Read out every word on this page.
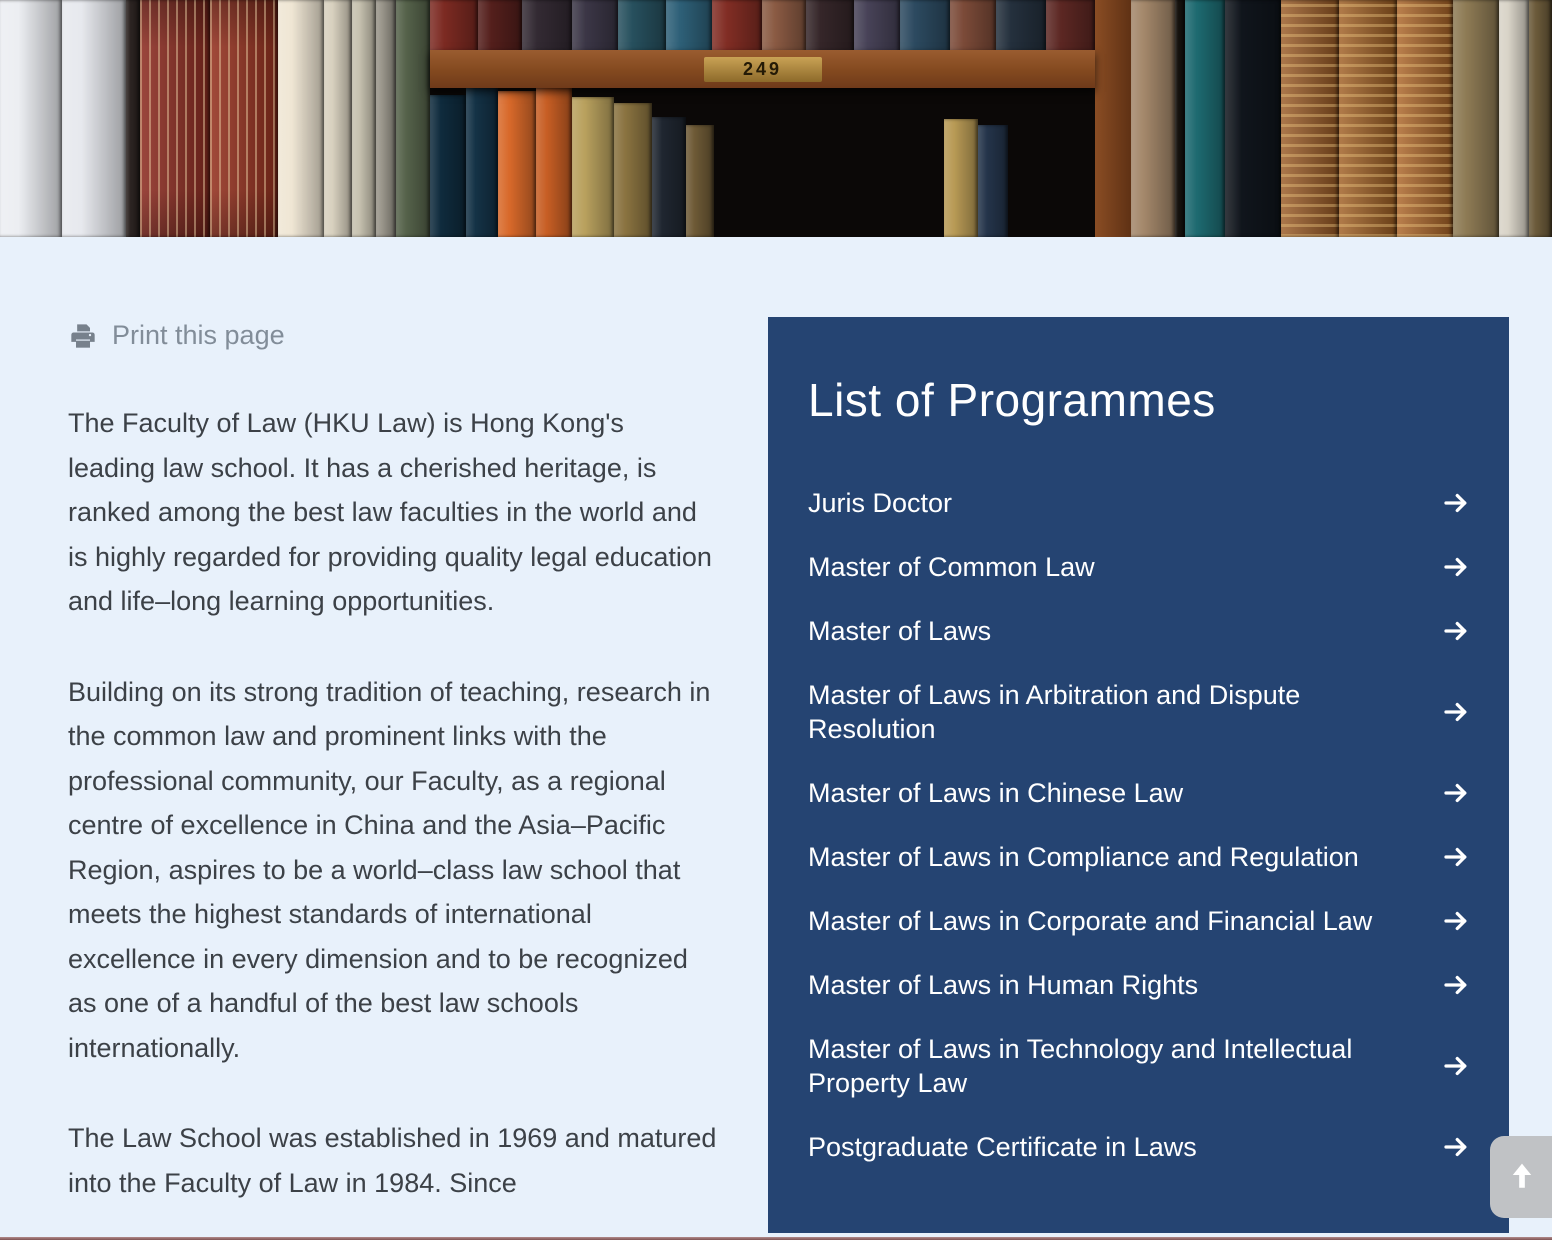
249
Print this page

The Faculty of Law (HKU Law) is Hong Kong's leading law school. It has a cherished heritage, is ranked among the best law faculties in the world and is highly regarded for providing quality legal education and life–long learning opportunities.

Building on its strong tradition of teaching, research in the common law and prominent links with the professional community, our Faculty, as a regional centre of excellence in China and the Asia–Pacific Region, aspires to be a world–class law school that meets the highest standards of international excellence in every dimension and to be recognized as one of a handful of the best law schools internationally.

The Law School was established in 1969 and matured into the Faculty of Law in 1984. Since

List of Programmes
Juris Doctor
Master of Common Law
Master of Laws
Master of Laws in Arbitration and Dispute Resolution
Master of Laws in Chinese Law
Master of Laws in Compliance and Regulation
Master of Laws in Corporate and Financial Law
Master of Laws in Human Rights
Master of Laws in Technology and Intellectual Property Law
Postgraduate Certificate in Laws
